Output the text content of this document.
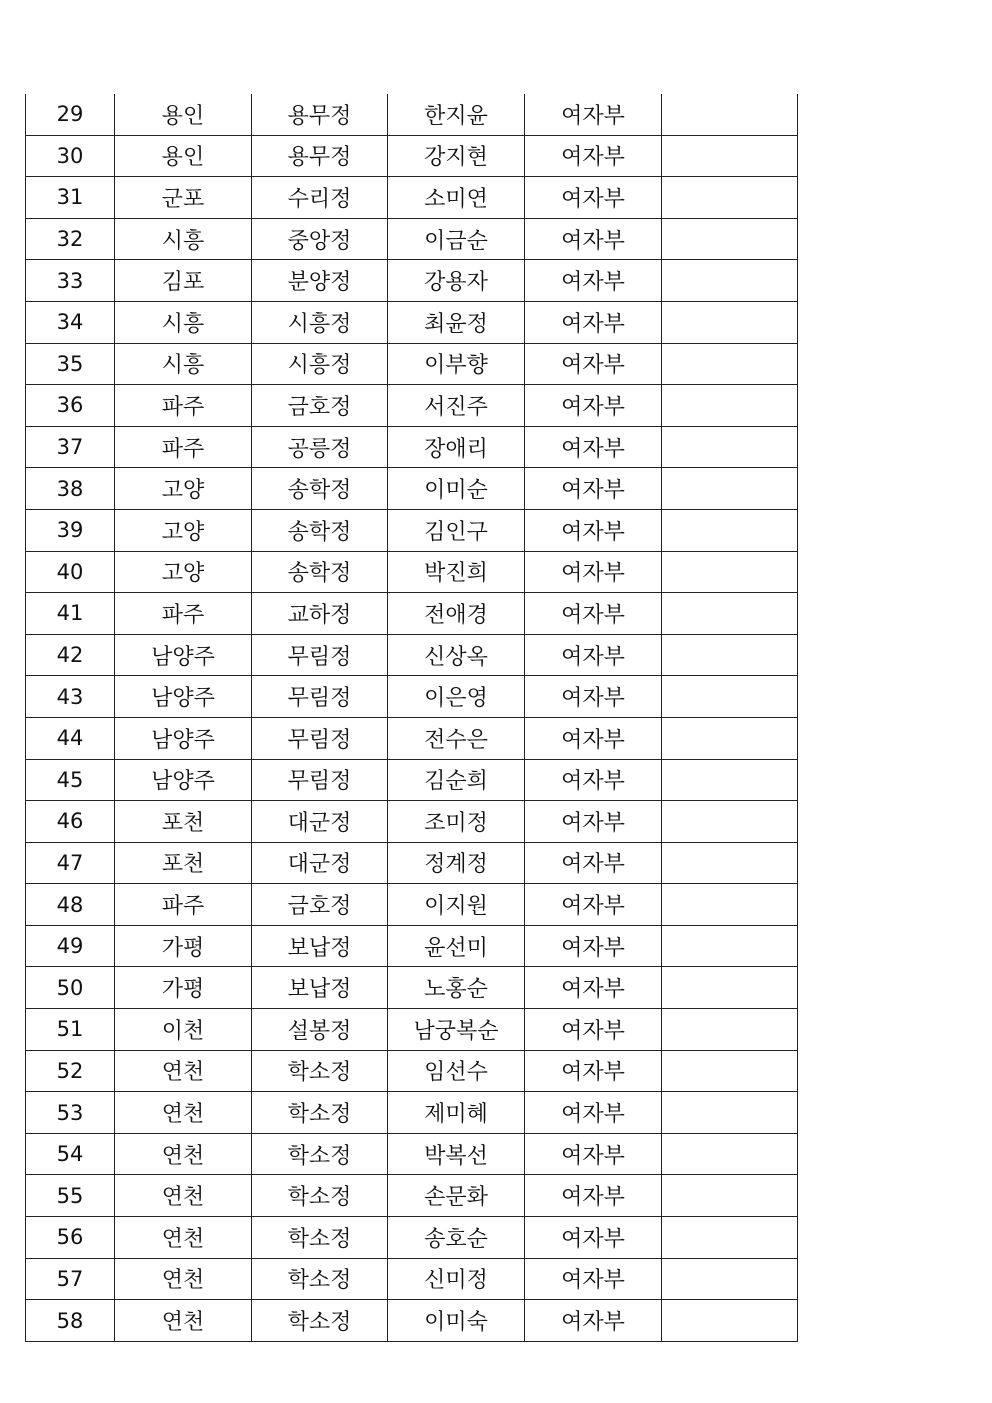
29	용인	용무정	한지윤	여자부	
30	용인	용무정	강지현	여자부	
31	군포	수리정	소미연	여자부	
32	시흥	중앙정	이금순	여자부	
33	김포	분양정	강용자	여자부	
34	시흥	시흥정	최윤정	여자부	
35	시흥	시흥정	이부향	여자부	
36	파주	금호정	서진주	여자부	
37	파주	공릉정	장애리	여자부	
38	고양	송학정	이미순	여자부	
39	고양	송학정	김인구	여자부	
40	고양	송학정	박진희	여자부	
41	파주	교하정	전애경	여자부	
42	남양주	무림정	신상옥	여자부	
43	남양주	무림정	이은영	여자부	
44	남양주	무림정	전수은	여자부	
45	남양주	무림정	김순희	여자부	
46	포천	대군정	조미정	여자부	
47	포천	대군정	정계정	여자부	
48	파주	금호정	이지원	여자부	
49	가평	보납정	윤선미	여자부	
50	가평	보납정	노홍순	여자부	
51	이천	설봉정	남궁복순	여자부	
52	연천	학소정	임선수	여자부	
53	연천	학소정	제미혜	여자부	
54	연천	학소정	박복선	여자부	
55	연천	학소정	손문화	여자부	
56	연천	학소정	송호순	여자부	
57	연천	학소정	신미정	여자부	
58	연천	학소정	이미숙	여자부	
